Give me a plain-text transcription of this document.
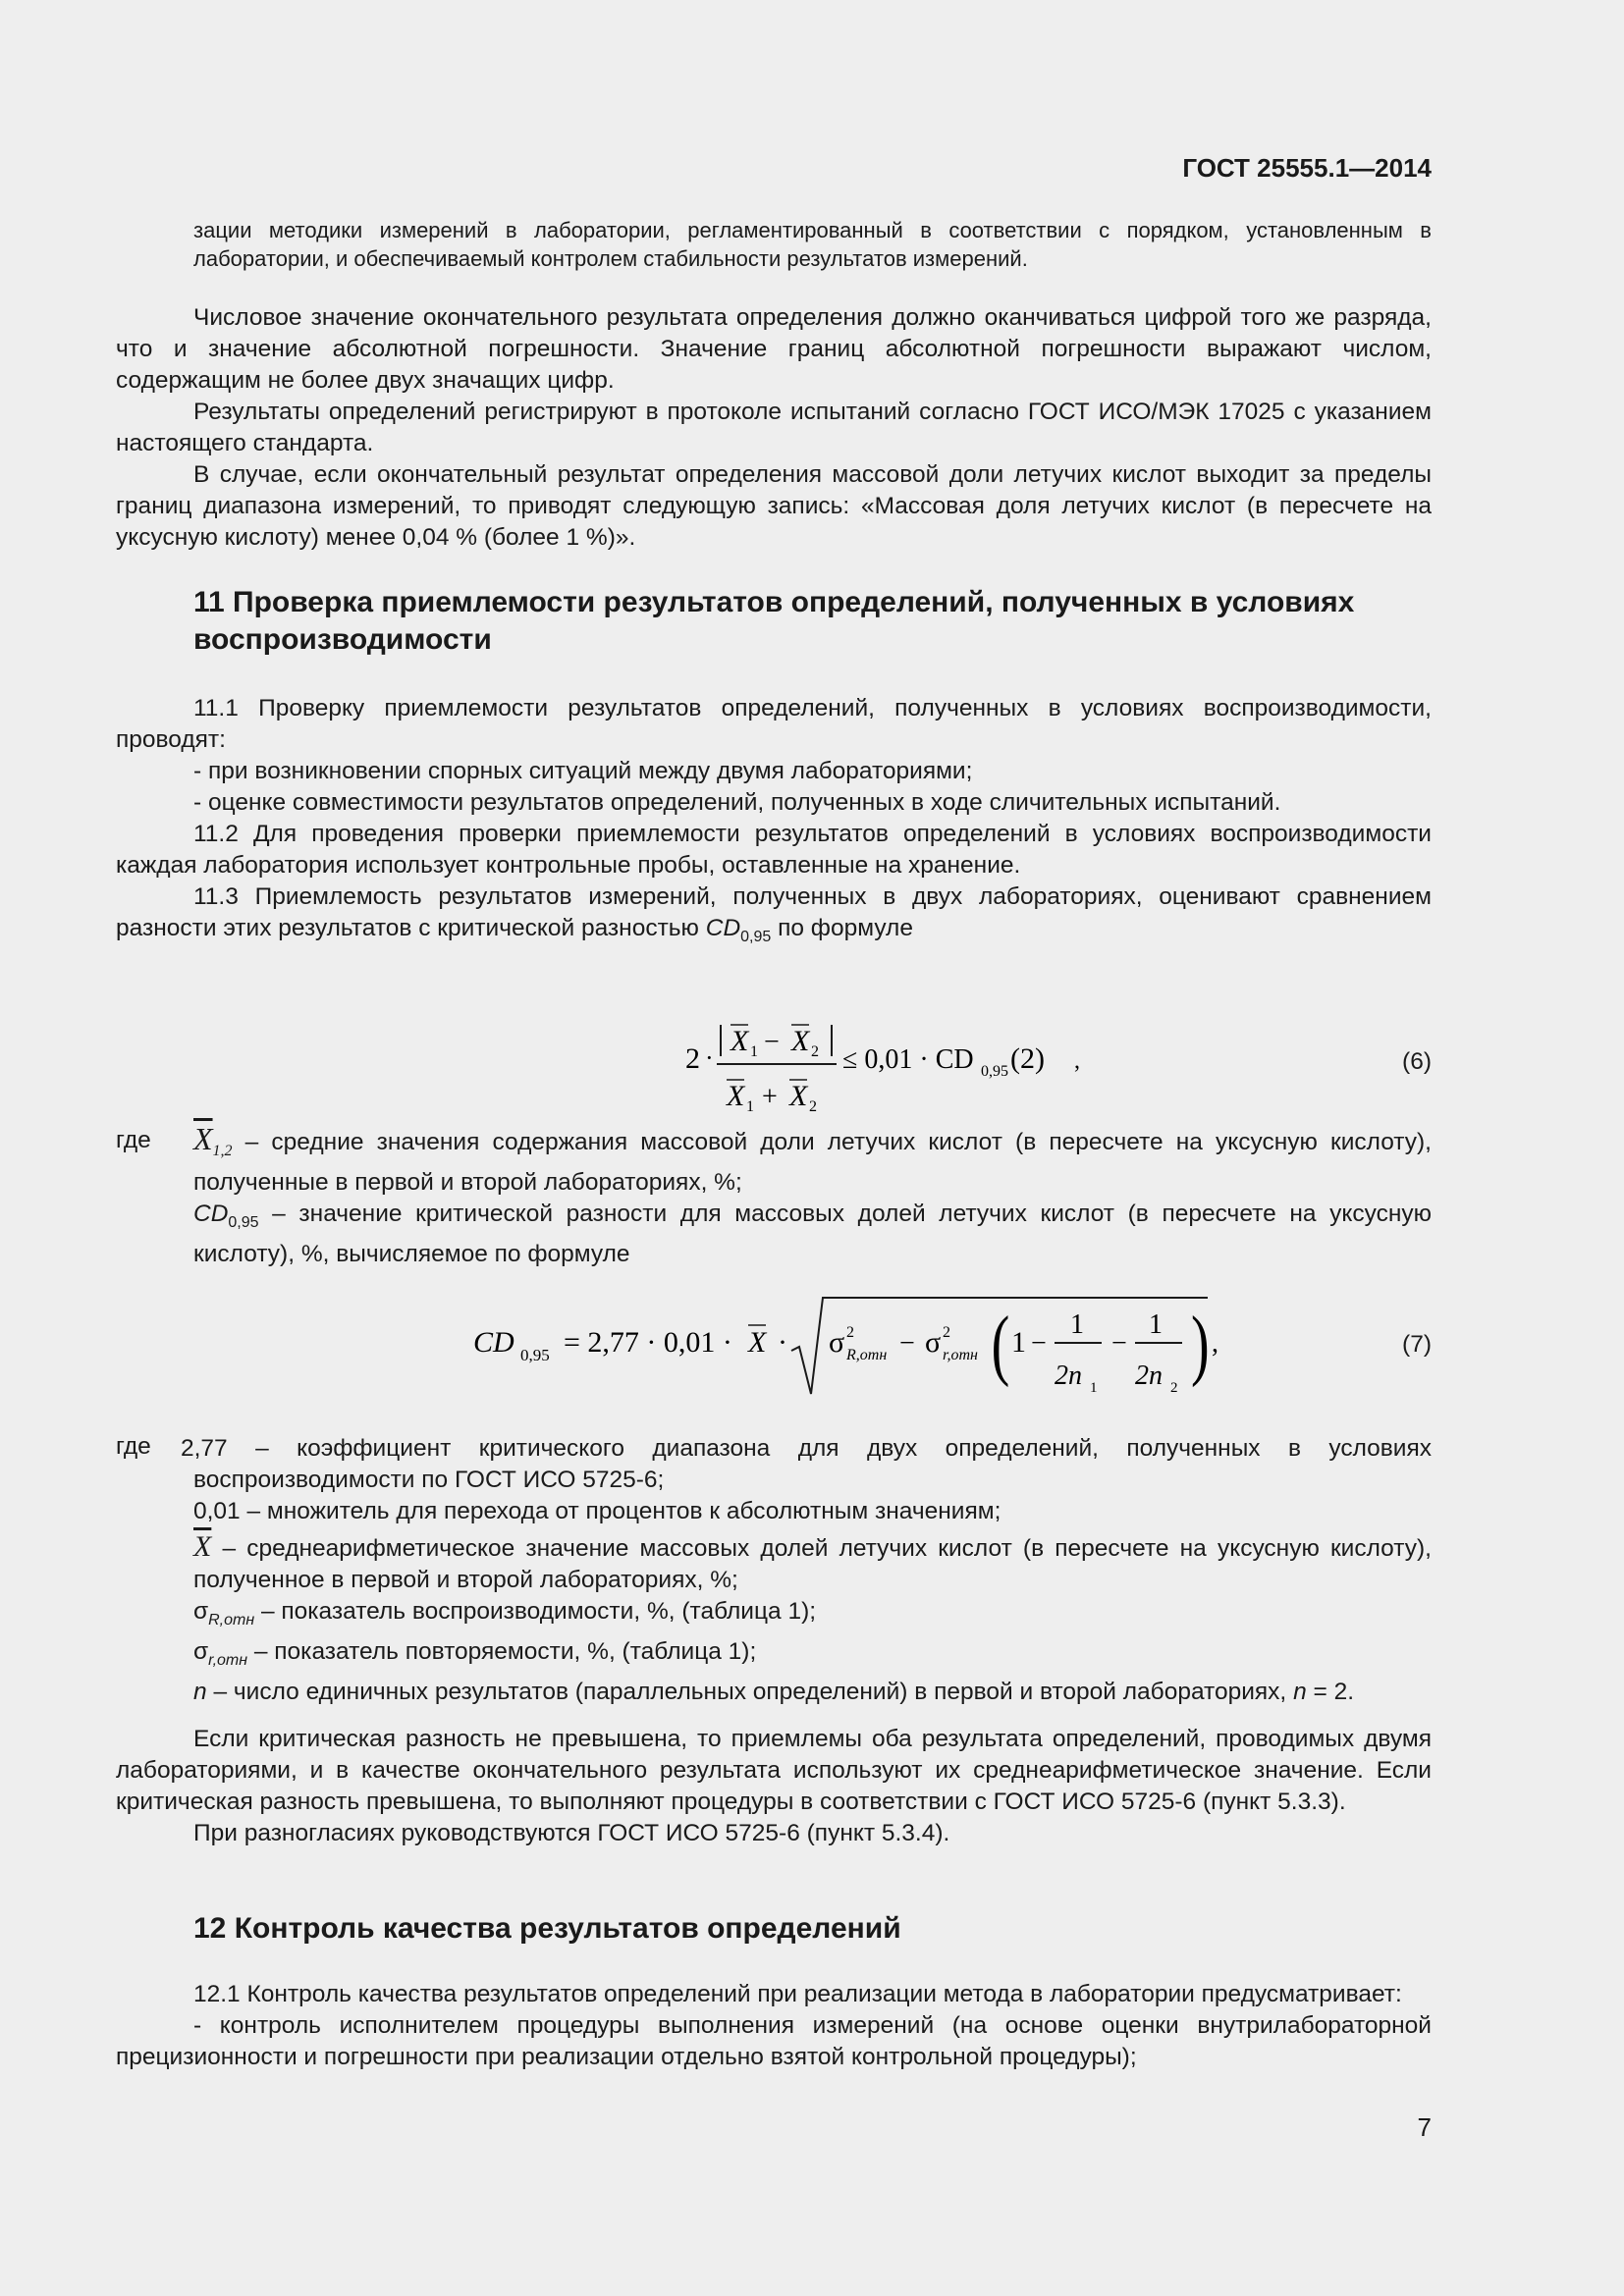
ГОСТ 25555.1—2014

зации методики измерений в лаборатории, регламентированный в соответствии с порядком, установленным в лаборатории, и обеспечиваемый контролем стабильности результатов измерений.

Числовое значение окончательного результата определения должно оканчиваться цифрой того же разряда, что и значение абсолютной погрешности. Значение границ абсолютной погрешности выражают числом, содержащим не более двух значащих цифр.

Результаты определений регистрируют в протоколе испытаний согласно ГОСТ ИСО/МЭК 17025 с указанием настоящего стандарта.

В случае, если окончательный результат определения массовой доли летучих кислот выходит за пределы границ диапазона измерений, то приводят следующую запись: «Массовая доля летучих кислот (в пересчете на уксусную кислоту) менее 0,04 % (более 1 %)».

11 Проверка приемлемости результатов определений, полученных в условиях воспроизводимости

11.1 Проверку приемлемости результатов определений, полученных в условиях воспроизводимости, проводят:

- при возникновении спорных ситуаций между двумя лабораториями;

- оценке совместимости результатов определений, полученных в ходе сличительных испытаний.

11.2 Для проведения проверки приемлемости результатов определений в условиях воспроизводимости каждая лаборатория использует контрольные пробы, оставленные на хранение.

11.3 Приемлемость результатов измерений, полученных в двух лабораториях, оценивают сравнением разности этих результатов с критической разностью $CD_{0,95}$ по формуле

2 ·
X 1 − X 2
X 1 + X 2
≤ 0,01 · CD 0,95 (2) ,	(6)
где $\overline{X}_{1,2}$ – средние значения содержания массовой доли летучих кислот (в пересчете на уксусную кислоту), полученные в первой и второй лабораториях, %;

$CD_{0,95}$ – значение критической разности для массовых долей летучих кислот (в пересчете на уксусную кислоту), %, вычисляемое по формуле

CD 0,95 = 2,77 · 0,01 · X · σ 2
R,отн − σ 2
r,отн ( 1 −
1
2n 1
−
1
2n 2
) ,	(7)
где 2,77 – коэффициент критического диапазона для двух определений, полученных в условиях воспроизводимости по ГОСТ ИСО 5725-6;

0,01 – множитель для перехода от процентов к абсолютным значениям;

$\overline{X}$ – среднеарифметическое значение массовых долей летучих кислот (в пересчете на уксусную кислоту), полученное в первой и второй лабораториях, %;

$\sigma_{R,отн}$ – показатель воспроизводимости, %, (таблица 1);

$\sigma_{r,отн}$ – показатель повторяемости, %, (таблица 1);

n – число единичных результатов (параллельных определений) в первой и второй лабораториях, n = 2.

Если критическая разность не превышена, то приемлемы оба результата определений, проводимых двумя лабораториями, и в качестве окончательного результата используют их среднеарифметическое значение. Если критическая разность превышена, то выполняют процедуры в соответствии с ГОСТ ИСО 5725-6 (пункт 5.3.3).

При разногласиях руководствуются ГОСТ ИСО 5725-6 (пункт 5.3.4).

12 Контроль качества результатов определений

12.1 Контроль качества результатов определений при реализации метода в лаборатории предусматривает:

- контроль исполнителем процедуры выполнения измерений (на основе оценки внутрилабораторной прецизионности и погрешности при реализации отдельно взятой контрольной процедуры);

7
